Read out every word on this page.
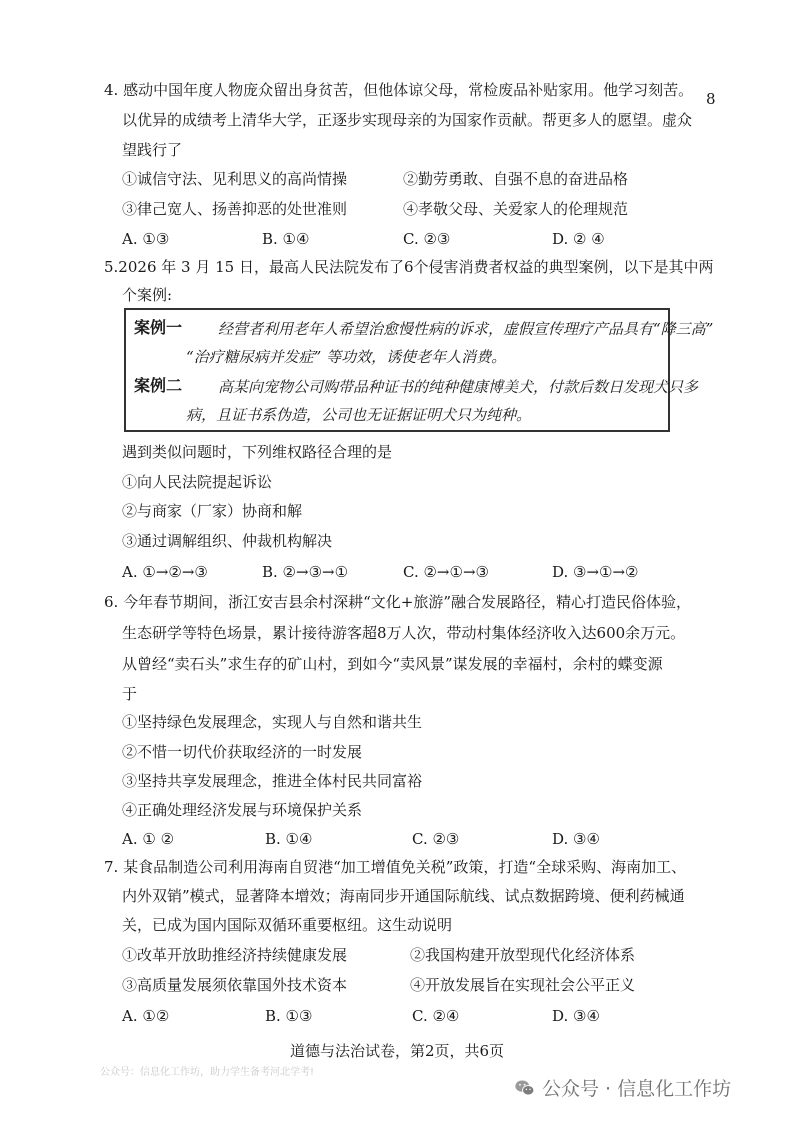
8
4. 感动中国年度人物庞众留出身贫苦，但他体谅父母，常检废品补贴家用。他学习刻苦。
以优异的成绩考上清华大学，正逐步实现母亲的为国家作贡献。帮更多人的愿望。虚众
望践行了
①诚信守法、见利思义的高尚情操	②勤劳勇敢、自强不息的奋进品格
③律己宽人、扬善抑恶的处世准则	④孝敬父母、关爱家人的伦理规范
A. ①③	B. ①④	C. ②③	D. ② ④
5.2026 年 3 月 15 日，最高人民法院发布了6个侵害消费者权益的典型案例，以下是其中两
个案例:
案例一 经营者利用老年人希望治愈慢性病的诉求，虚假宣传理疗产品具有“降三高”
“治疗糖尿病并发症” 等功效，诱使老年人消费。
案例二 高某向宠物公司购带品种证书的纯种健康博美犬，付款后数日发现犬只多
病，且证书系伪造，公司也无证据证明犬只为纯种。
遇到类似问题时，下列维权路径合理的是
①向人民法院提起诉讼
②与商家（厂家）协商和解
③通过调解组织、仲裁机构解决
A. ①→②→③	B. ②→③→①	C. ②→①→③	D. ③→①→②
6. 今年春节期间，浙江安吉县余村深耕“文化+旅游”融合发展路径，精心打造民俗体验，
生态研学等特色场景，累计接待游客超8万人次，带动村集体经济收入达600余万元。
从曾经“卖石头”求生存的矿山村，到如今“卖风景”谋发展的幸福村，余村的蝶变源
于
①坚持绿色发展理念，实现人与自然和谐共生
②不惜一切代价获取经济的一时发展
③坚持共享发展理念，推进全体村民共同富裕
④正确处理经济发展与环境保护关系
A. ① ②	B. ①④	C. ②③	D. ③④
7. 某食品制造公司利用海南自贸港“加工增值免关税”政策，打造“全球采购、海南加工、
内外双销”模式，显著降本增效；海南同步开通国际航线、试点数据跨境、便利药械通
关，已成为国内国际双循环重要枢纽。这生动说明
①改革开放助推经济持续健康发展	②我国构建开放型现代化经济体系
③高质量发展须依靠国外技术资本	④开放发展旨在实现社会公平正义
A. ①②	B. ①③	C. ②④	D. ③④
道德与法治试卷，第2页，共6页
公众号：信息化工作坊，助力学生备考河北学考!
公众号 · 信息化工作坊
